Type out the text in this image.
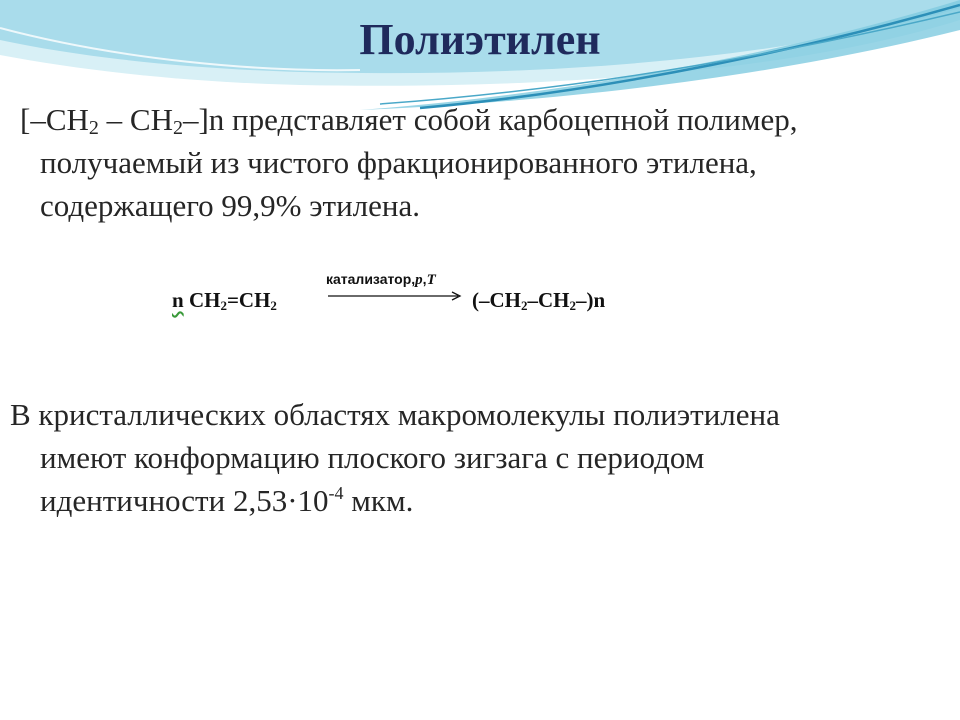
Полиэтилен
$[-CH_2 - CH_2-]n$ представляет собой карбоцепной полимер,
получаемый из чистого фракционированного этилена,
содержащего 99,9% этилена.
n $CH_2=CH_2$
катализатор,p,T
$(-CH_2-CH_2-)n$
В кристаллических областях макромолекулы полиэтилена
имеют конформацию плоского зигзага с периодом
идентичности $2,53\cdot 10^{-4}$ мкм.
